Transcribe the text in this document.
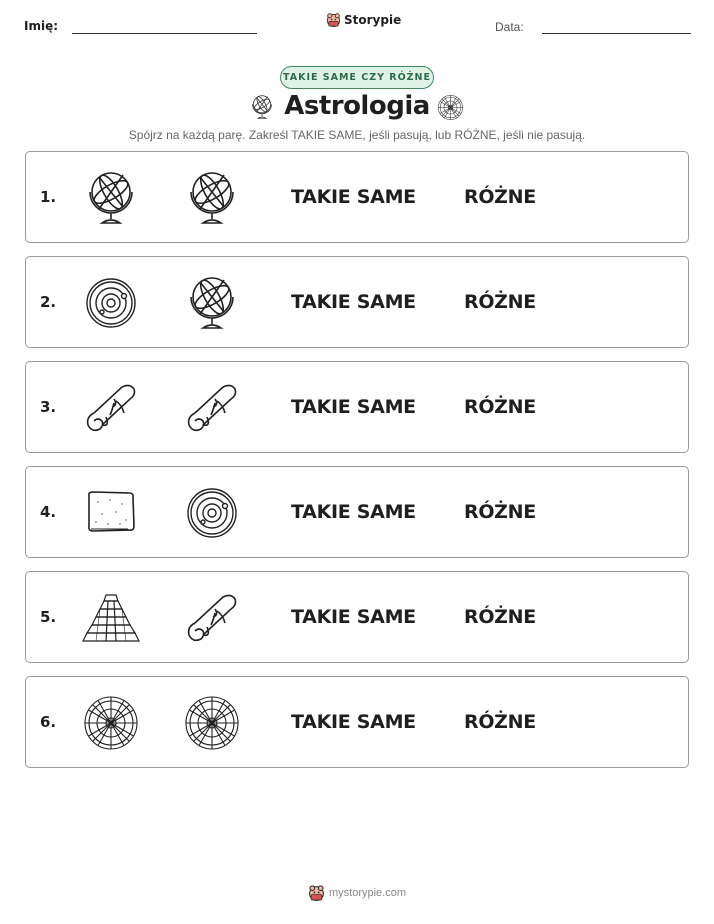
Imię:	Storypie
Data:
TAKIE SAME CZY RÓŻNE
Astrologia
Spójrz na każdą parę. Zakreśl TAKIE SAME, jeśli pasują, lub RÓŻNE, jeśli nie pasują.
1.	TAKIE SAME	RÓŻNE
2.	TAKIE SAME	RÓŻNE
3.	TAKIE SAME	RÓŻNE
4.	TAKIE SAME	RÓŻNE
5.	TAKIE SAME	RÓŻNE
6.	TAKIE SAME	RÓŻNE
mystorypie.com
